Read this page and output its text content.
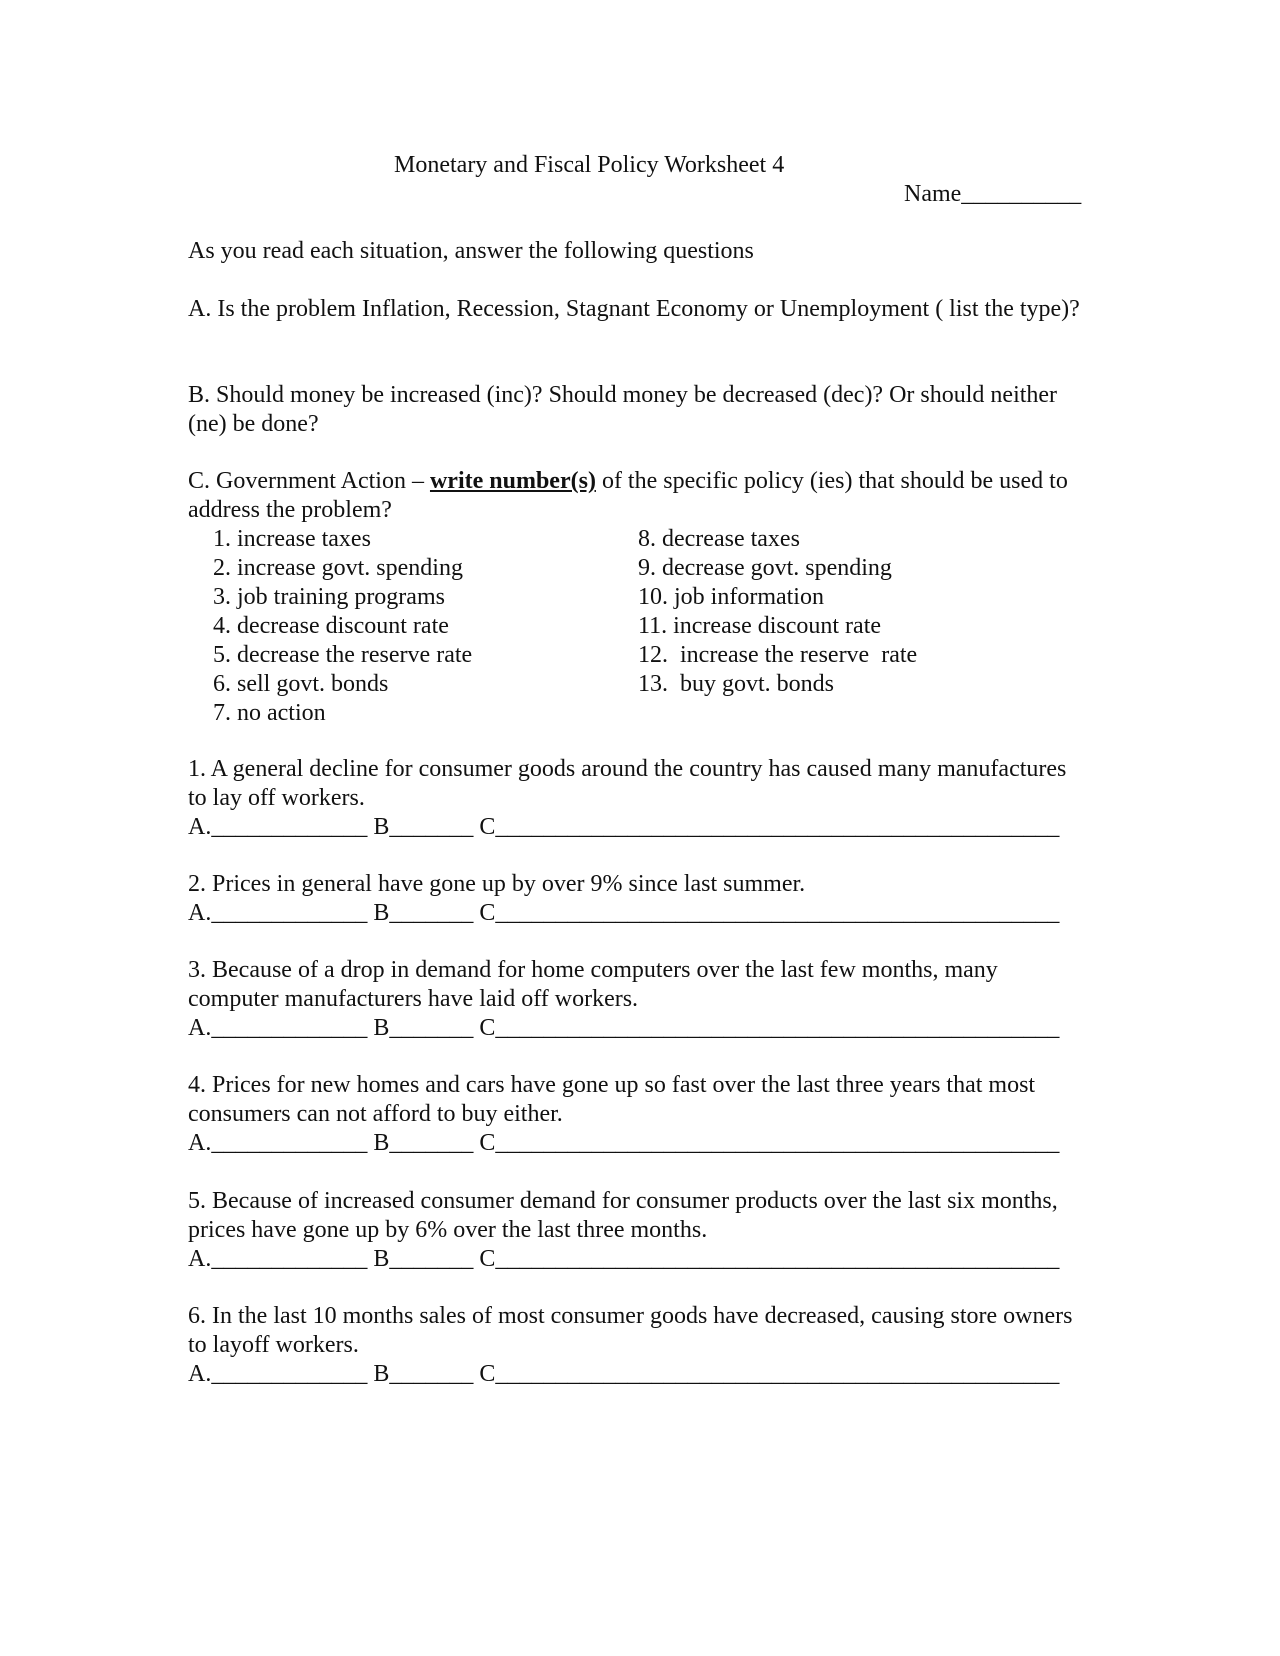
Monetary and Fiscal Policy Worksheet 4
Name__________
As you read each situation, answer the following questions
A. Is the problem Inflation, Recession, Stagnant Economy or Unemployment ( list the type)?
B. Should money be increased (inc)? Should money be decreased (dec)? Or should neither (ne) be done?
C. Government Action – write number(s) of the specific policy (ies) that should be used to address the problem?
1. increase taxes
2. increase govt. spending
3. job training programs
4. decrease discount rate
5. decrease the reserve rate
6. sell govt. bonds
7. no action
8. decrease taxes
9. decrease govt. spending
10. job information
11. increase discount rate
12.  increase the reserve  rate
13.  buy govt. bonds
1. A general decline for consumer goods around the country has caused many manufactures to lay off workers.
A._____________ B_______ C_______________________________________________
2. Prices in general have gone up by over 9% since last summer.
A._____________ B_______ C_______________________________________________
3. Because of a drop in demand for home computers over the last few months, many computer manufacturers have laid off workers.
A._____________ B_______ C_______________________________________________
4. Prices for new homes and cars have gone up so fast over the last three years that most consumers can not afford to buy either.
A._____________ B_______ C_______________________________________________
5. Because of increased consumer demand for consumer products over the last six months, prices have gone up by 6% over the last three months.
A._____________ B_______ C_______________________________________________
6. In the last 10 months sales of most consumer goods have decreased, causing store owners to layoff workers.
A._____________ B_______ C_______________________________________________
